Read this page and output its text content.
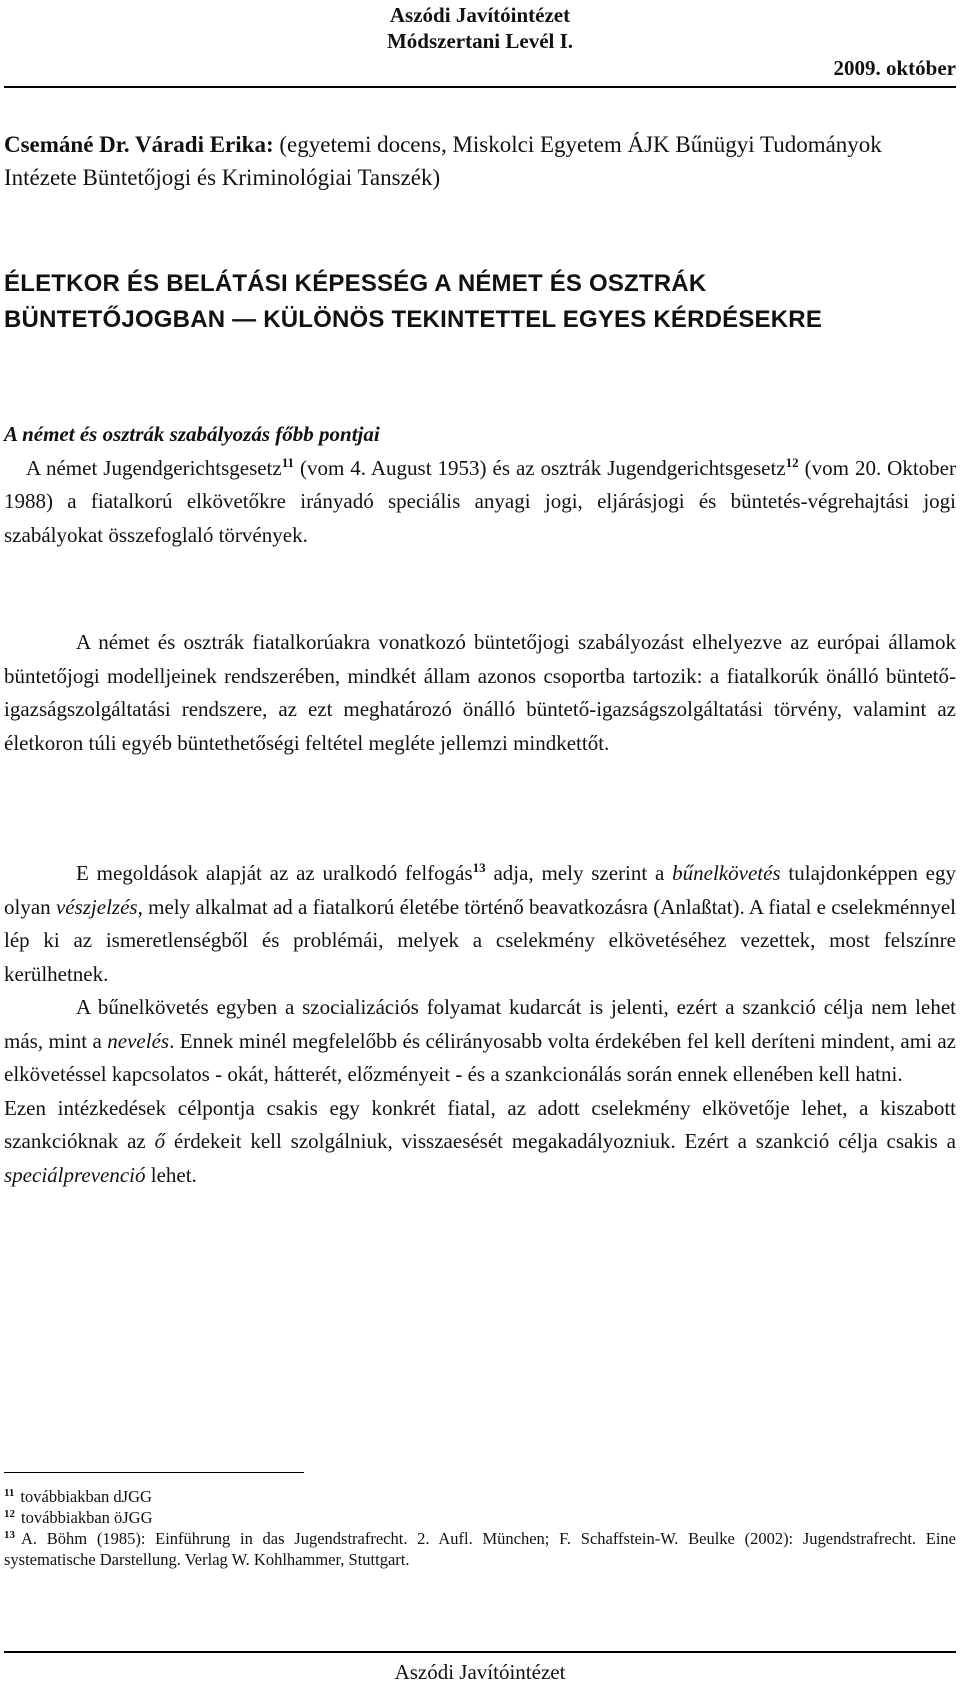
Aszódi Javítóintézet
Módszertani Levél I.
2009. október
Csemáné Dr. Váradi Erika: (egyetemi docens, Miskolci Egyetem ÁJK Bűnügyi Tudományok Intézete Büntetőjogi és Kriminológiai Tanszék)
ÉLETKOR ÉS BELÁTÁSI KÉPESSÉG A NÉMET ÉS OSZTRÁK BÜNTETŐJOGBAN — KÜLÖNÖS TEKINTETTEL EGYES KÉRDÉSEKRE
A német és osztrák szabályozás főbb pontjai
A német Jugendgerichtsgesetz$^{11}$ (vom 4. August 1953) és az osztrák Jugendgerichtsgesetz$^{12}$ (vom 20. Oktober 1988) a fiatalkorú elkövetőkre irányadó speciális anyagi jogi, eljárásjogi és büntetés-végrehajtási jogi szabályokat összefoglaló törvények.
A német és osztrák fiatalkorúakra vonatkozó büntetőjogi szabályozást elhelyezve az európai államok büntetőjogi modelljeinek rendszerében, mindkét állam azonos csoportba tartozik: a fiatalkorúk önálló büntető-igazságszolgáltatási rendszere, az ezt meghatározó önálló büntető-igazságszolgáltatási törvény, valamint az életkoron túli egyéb büntethetőségi feltétel megléte jellemzi mindkettőt.
E megoldások alapját az az uralkodó felfogás$^{13}$ adja, mely szerint a bűnelkövetés tulajdonképpen egy olyan vészjelzés, mely alkalmat ad a fiatalkorú életébe történő beavatkozásra (Anlaßtat). A fiatal e cselekménnyel lép ki az ismeretlenségből és problémái, melyek a cselekmény elkövetéséhez vezettek, most felszínre kerülhetnek.
A bűnelkövetés egyben a szocializációs folyamat kudarcát is jelenti, ezért a szankció célja nem lehet más, mint a nevelés. Ennek minél megfelelőbb és célirányosabb volta érdekében fel kell deríteni mindent, ami az elkövetéssel kapcsolatos - okát, hátterét, előzményeit - és a szankcionálás során ennek ellenében kell hatni.
Ezen intézkedések célpontja csakis egy konkrét fiatal, az adott cselekmény elkövetője lehet, a kiszabott szankcióknak az ő érdekeit kell szolgálniuk, visszaesését megakadályozniuk. Ezért a szankció célja csakis a speciálprevenció lehet.
$^{11}$ továbbiakban dJGG
$^{12}$ továbbiakban öJGG
$^{13}$ A. Böhm (1985): Einführung in das Jugendstrafrecht. 2. Aufl. München; F. Schaffstein-W. Beulke (2002): Jugendstrafrecht. Eine systematische Darstellung. Verlag W. Kohlhammer, Stuttgart.
Aszódi Javítóintézet
